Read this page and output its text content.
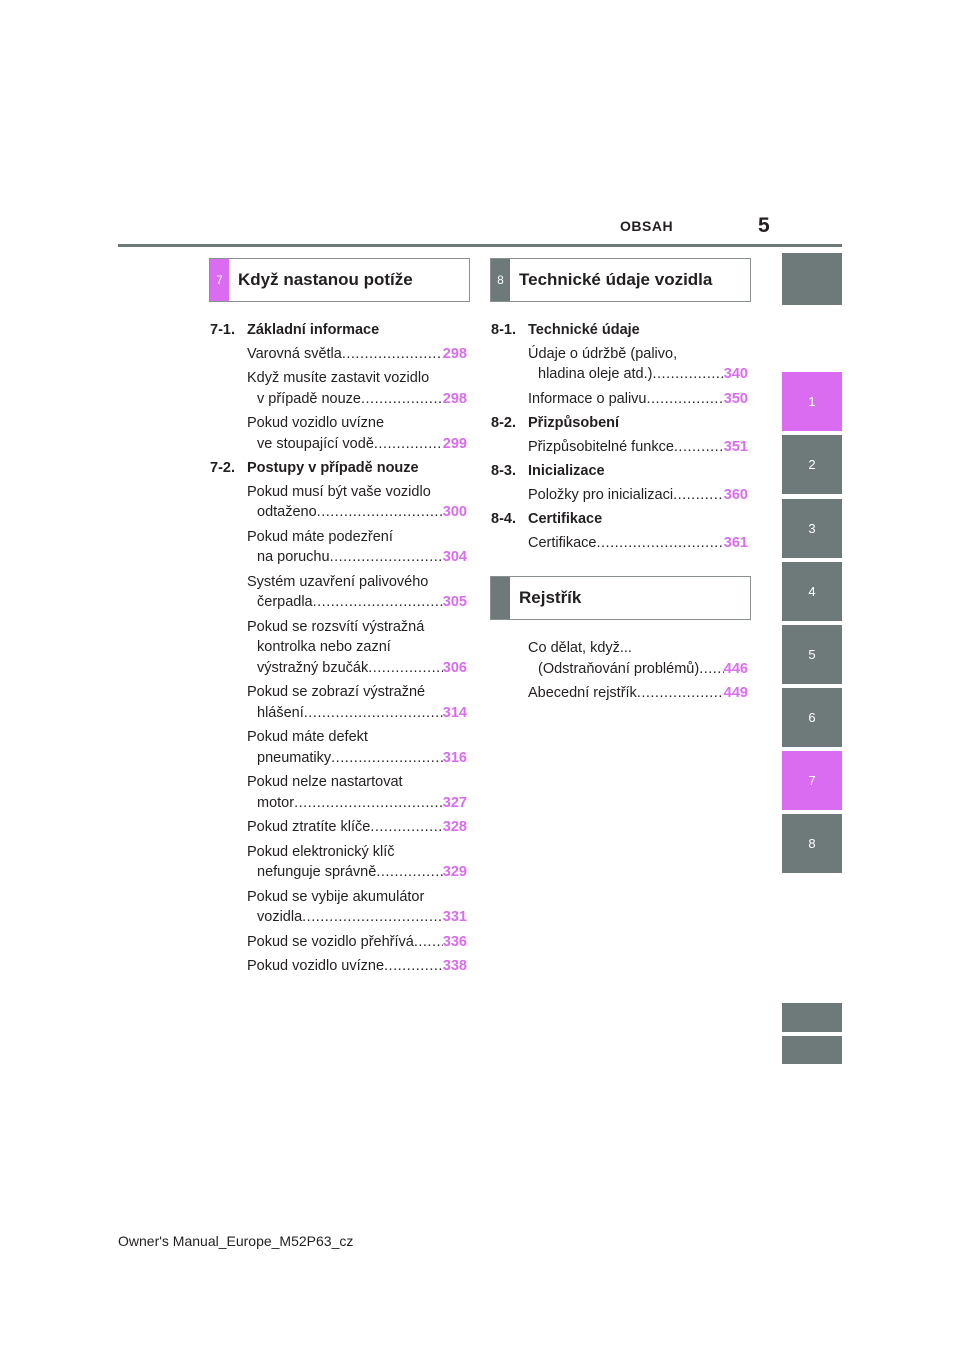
OBSAH	5
7 Když nastanou potíže	8 Technické údaje vozidla
Rejstřík
7-1. Základní informace
Varovná světla .....	298
Když musíte zastavit vozidlo
v případě nouze .....	298
Pokud vozidlo uvízne
ve stoupající vodě .....	299
7-2. Postupy v případě nouze
Pokud musí být vaše vozidlo
odtaženo .....	300
Pokud máte podezření
na poruchu .....	304
Systém uzavření palivového
čerpadla .....	305
Pokud se rozsvítí výstražná
kontrolka nebo zazní
výstražný bzučák .....	306
Pokud se zobrazí výstražné
hlášení .....	314
Pokud máte defekt
pneumatiky .....	316
Pokud nelze nastartovat
motor .....	327
Pokud ztratíte klíče .....	328
Pokud elektronický klíč
nefunguje správně .....	329
Pokud se vybije akumulátor
vozidla .....	331
Pokud se vozidlo přehřívá ..... 336
Pokud vozidlo uvízne .....	338
8-1. Technické údaje
Údaje o údržbě (palivo,
hladina oleje atd.) .....	340
Informace o palivu .....	350
8-2. Přizpůsobení
Přizpůsobitelné funkce .....	351
8-3. Inicializace
Položky pro inicializaci .....	360
8-4. Certifikace
Certifikace .....	361
Co dělat, když...
(Odstraňování problémů) ..... 446
Abecední rejstřík .....	449
1
2
3
4
5
6
7
8
Owner's Manual_Europe_M52P63_cz
